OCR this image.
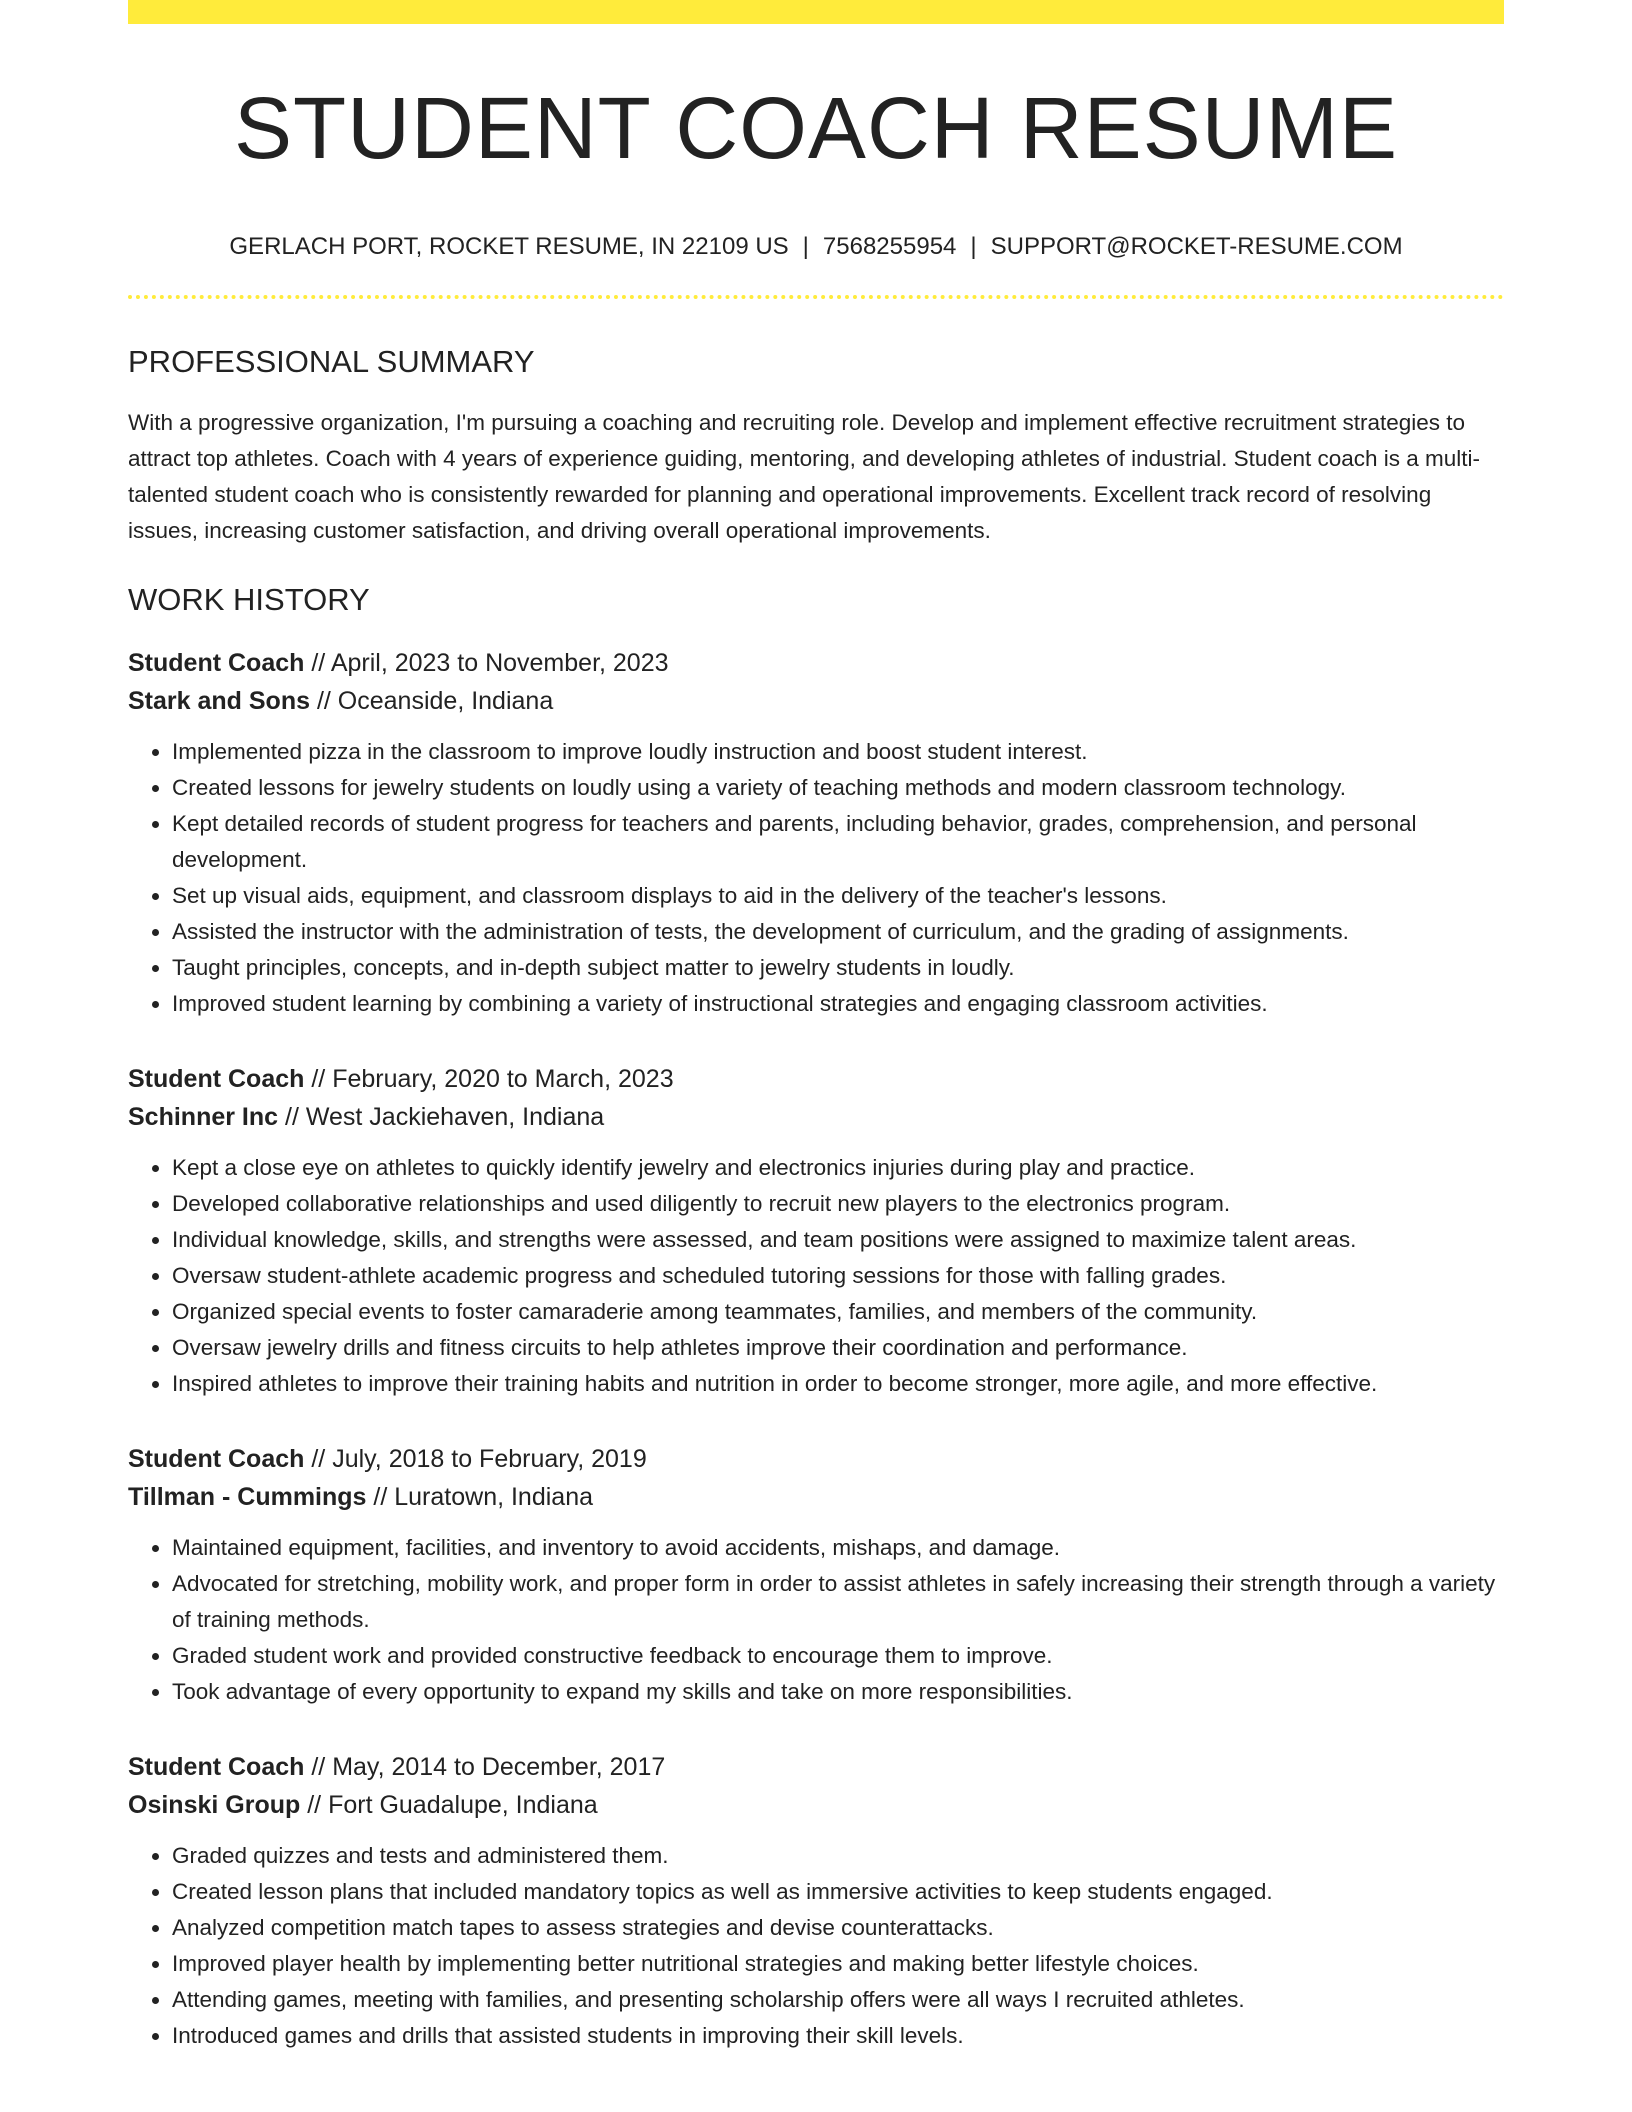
STUDENT COACH RESUME
GERLACH PORT, ROCKET RESUME, IN 22109 US | 7568255954 | SUPPORT@ROCKET-RESUME.COM
PROFESSIONAL SUMMARY

With a progressive organization, I'm pursuing a coaching and recruiting role. Develop and implement effective recruitment strategies to attract top athletes. Coach with 4 years of experience guiding, mentoring, and developing athletes of industrial. Student coach is a multi-talented student coach who is consistently rewarded for planning and operational improvements. Excellent track record of resolving issues, increasing customer satisfaction, and driving overall operational improvements.

WORK HISTORY
Student Coach // April, 2023 to November, 2023
Stark and Sons // Oceanside, Indiana
• Implemented pizza in the classroom to improve loudly instruction and boost student interest.
• Created lessons for jewelry students on loudly using a variety of teaching methods and modern classroom technology.
• Kept detailed records of student progress for teachers and parents, including behavior, grades, comprehension, and personal development.
• Set up visual aids, equipment, and classroom displays to aid in the delivery of the teacher's lessons.
• Assisted the instructor with the administration of tests, the development of curriculum, and the grading of assignments.
• Taught principles, concepts, and in-depth subject matter to jewelry students in loudly.
• Improved student learning by combining a variety of instructional strategies and engaging classroom activities.
Student Coach // February, 2020 to March, 2023
Schinner Inc // West Jackiehaven, Indiana
• Kept a close eye on athletes to quickly identify jewelry and electronics injuries during play and practice.
• Developed collaborative relationships and used diligently to recruit new players to the electronics program.
• Individual knowledge, skills, and strengths were assessed, and team positions were assigned to maximize talent areas.
• Oversaw student-athlete academic progress and scheduled tutoring sessions for those with falling grades.
• Organized special events to foster camaraderie among teammates, families, and members of the community.
• Oversaw jewelry drills and fitness circuits to help athletes improve their coordination and performance.
• Inspired athletes to improve their training habits and nutrition in order to become stronger, more agile, and more effective.
Student Coach // July, 2018 to February, 2019
Tillman - Cummings // Luratown, Indiana
• Maintained equipment, facilities, and inventory to avoid accidents, mishaps, and damage.
• Advocated for stretching, mobility work, and proper form in order to assist athletes in safely increasing their strength through a variety of training methods.
• Graded student work and provided constructive feedback to encourage them to improve.
• Took advantage of every opportunity to expand my skills and take on more responsibilities.
Student Coach // May, 2014 to December, 2017
Osinski Group // Fort Guadalupe, Indiana
• Graded quizzes and tests and administered them.
• Created lesson plans that included mandatory topics as well as immersive activities to keep students engaged.
• Analyzed competition match tapes to assess strategies and devise counterattacks.
• Improved player health by implementing better nutritional strategies and making better lifestyle choices.
• Attending games, meeting with families, and presenting scholarship offers were all ways I recruited athletes.
• Introduced games and drills that assisted students in improving their skill levels.
